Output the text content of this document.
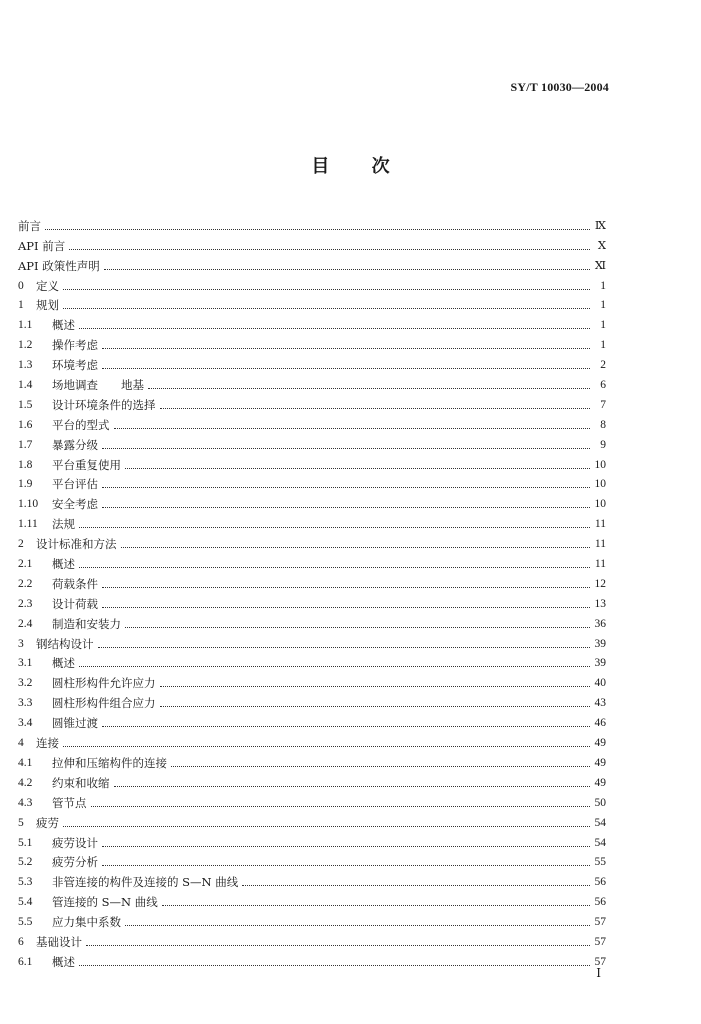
SY/T 10030—2004
目 次
前言	Ⅸ
API 前言	Ⅹ
API 政策性声明	Ⅺ
0	定义	1
1	规划	1
1.1	概述	1
1.2	操作考虑	1
1.3	环境考虑	2
1.4	场地调查　　地基	6
1.5	设计环境条件的选择	7
1.6	平台的型式	8
1.7	暴露分级	9
1.8	平台重复使用	10
1.9	平台评估	10
1.10	安全考虑	10
1.11	法规	11
2	设计标准和方法	11
2.1	概述	11
2.2	荷载条件	12
2.3	设计荷载	13
2.4	制造和安装力	36
3	钢结构设计	39
3.1	概述	39
3.2	圆柱形构件允许应力	40
3.3	圆柱形构件组合应力	43
3.4	圆锥过渡	46
4	连接	49
4.1	拉伸和压缩构件的连接	49
4.2	约束和收缩	49
4.3	管节点	50
5	疲劳	54
5.1	疲劳设计	54
5.2	疲劳分析	55
5.3	非管连接的构件及连接的 S—N 曲线	56
5.4	管连接的 S—N 曲线	56
5.5	应力集中系数	57
6	基础设计	57
6.1	概述	57
Ⅰ
